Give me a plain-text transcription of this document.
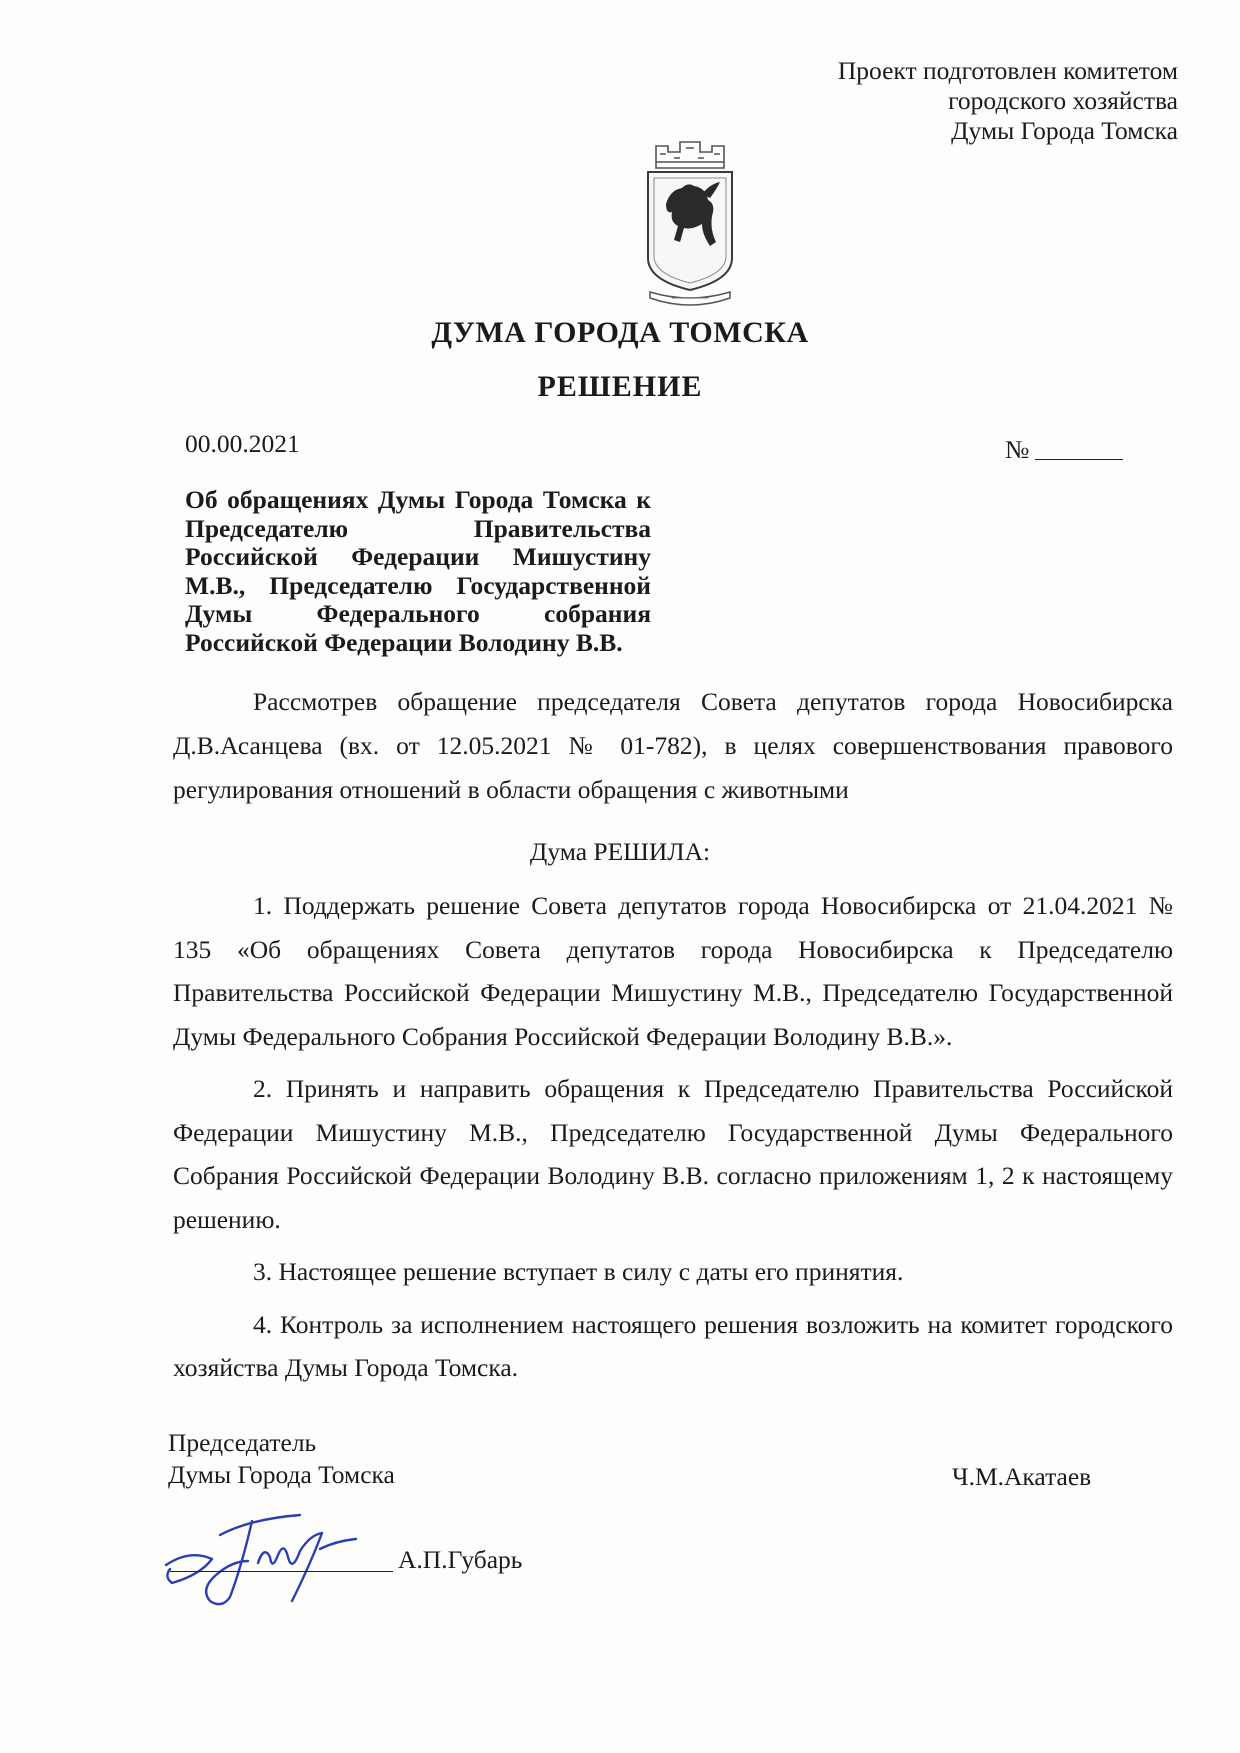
Проект подготовлен комитетом
городского хозяйства
Думы Города Томска
ДУМА ГОРОДА ТОМСКА
РЕШЕНИЕ
00.00.2021	№
Об обращениях Думы Города Томска к Председателю Правительства Российской Федерации Мишустину М.В., Председателю Государственной Думы Федерального собрания Российской Федерации Володину В.В.
Рассмотрев обращение председателя Совета депутатов города Новосибирска Д.В.Асанцева (вх. от 12.05.2021 № 01-782), в целях совершенствования правового регулирования отношений в области обращения с животными
Дума РЕШИЛА:

1. Поддержать решение Совета депутатов города Новосибирска от 21.04.2021 № 135 «Об обращениях Совета депутатов города Новосибирска к Председателю Правительства Российской Федерации Мишустину М.В., Председателю Государственной Думы Федерального Собрания Российской Федерации Володину В.В.».

2. Принять и направить обращения к Председателю Правительства Российской Федерации Мишустину М.В., Председателю Государственной Думы Федерального Собрания Российской Федерации Володину В.В. согласно приложениям 1, 2 к настоящему решению.

3. Настоящее решение вступает в силу с даты его принятия.

4. Контроль за исполнением настоящего решения возложить на комитет городского хозяйства Думы Города Томска.

Председатель
Думы Города Томска	Ч.М.Акатаев
А.П.Губарь
